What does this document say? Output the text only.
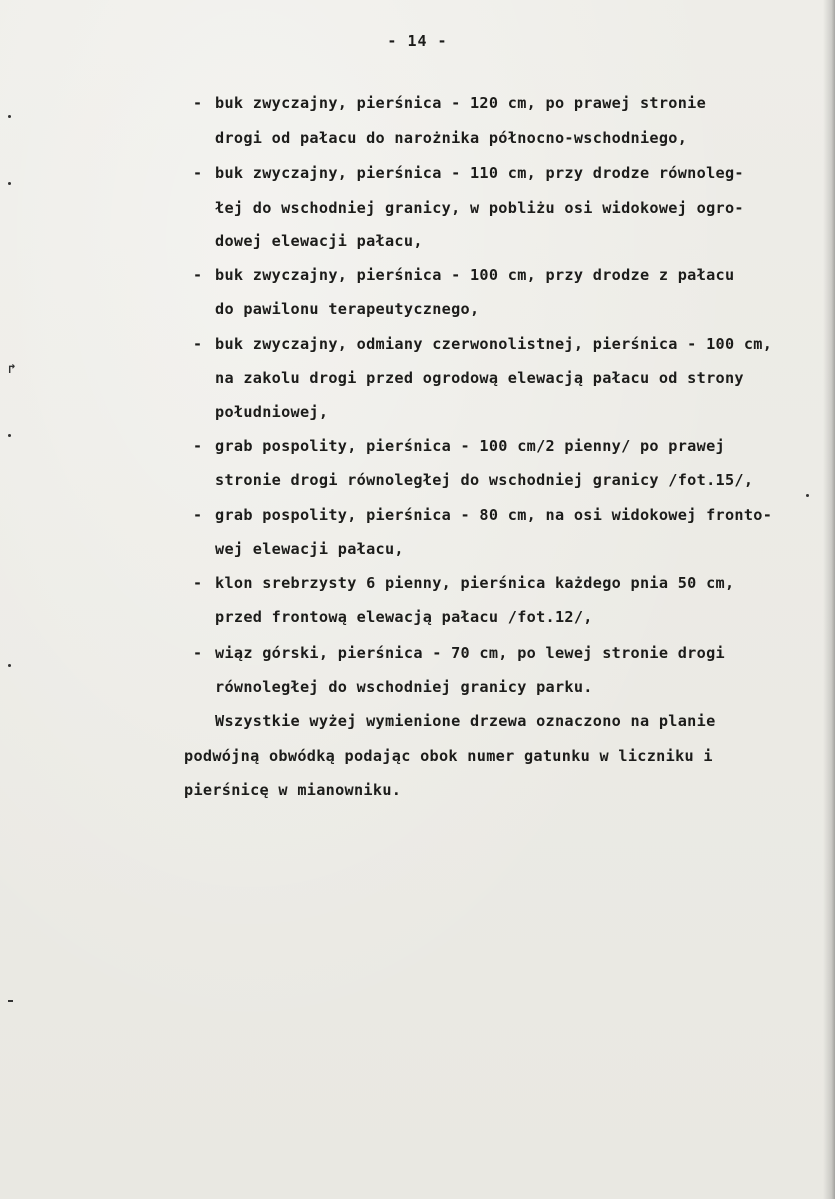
- 14 -
↱
- buk zwyczajny, pierśnica - 120 cm, po prawej stronie
drogi od pałacu do narożnika północno-wschodniego,
- buk zwyczajny, pierśnica - 110 cm, przy drodze równoleg-
łej do wschodniej granicy, w pobliżu osi widokowej ogro-
dowej elewacji pałacu,
- buk zwyczajny, pierśnica - 100 cm, przy drodze z pałacu
do pawilonu terapeutycznego,
- buk zwyczajny, odmiany czerwonolistnej, pierśnica - 100 cm,
na zakolu drogi przed ogrodową elewacją pałacu od strony
południowej,
- grab pospolity, pierśnica - 100 cm/2 pienny/ po prawej
stronie drogi równoległej do wschodniej granicy /fot.15/,
- grab pospolity, pierśnica - 80 cm, na osi widokowej fronto-
wej elewacji pałacu,
- klon srebrzysty 6 pienny, pierśnica każdego pnia 50 cm,
przed frontową elewacją pałacu /fot.12/,
- wiąz górski, pierśnica - 70 cm, po lewej stronie drogi
równoległej do wschodniej granicy parku.
Wszystkie wyżej wymienione drzewa oznaczono na planie
podwójną obwódką podając obok numer gatunku w liczniku i
pierśnicę w mianowniku.
